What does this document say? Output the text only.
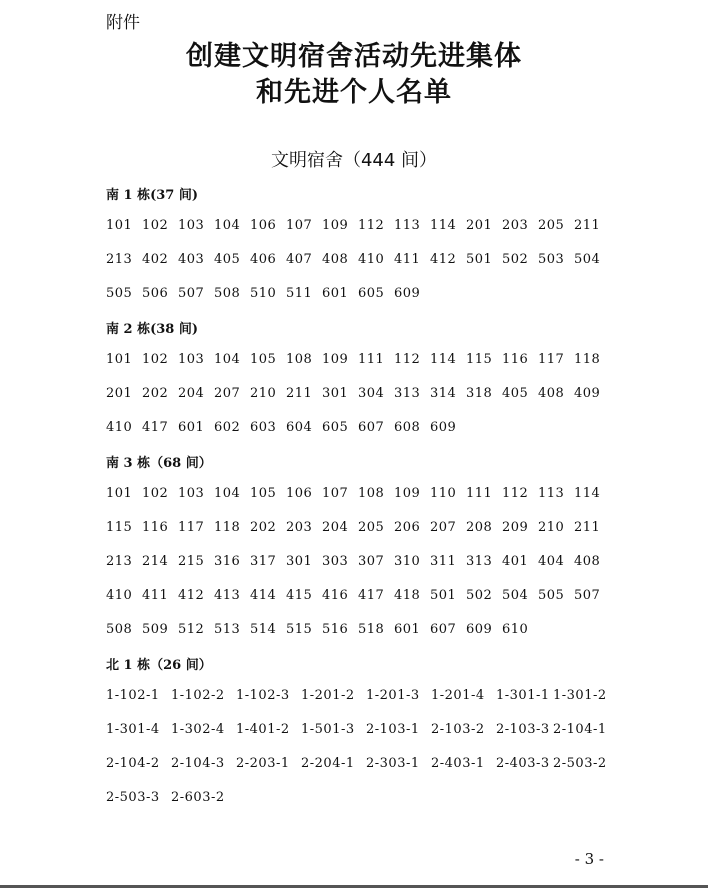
附件
创建文明宿舍活动先进集体
和先进个人名单
文明宿舍（444 间）
南 1 栋(37 间)
101 102 103 104 106 107 109 112 113 114 201 203 205 211
213 402 403 405 406 407 408 410 411 412 501 502 503 504
505 506 507 508 510 511 601 605 609
南 2 栋(38 间)
101 102 103 104 105 108 109 111 112 114 115 116 117 118
201 202 204 207 210 211 301 304 313 314 318 405 408 409
410 417 601 602 603 604 605 607 608 609
南 3 栋（68 间）
101 102 103 104 105 106 107 108 109 110 111 112 113 114
115 116 117 118 202 203 204 205 206 207 208 209 210 211
213 214 215 316 317 301 303 307 310 311 313 401 404 408
410 411 412 413 414 415 416 417 418 501 502 504 505 507
508 509 512 513 514 515 516 518 601 607 609 610
北 1 栋（26 间）
1-102-1 1-102-2 1-102-3 1-201-2 1-201-3 1-201-4 1-301-1 1-301-2
1-301-4 1-302-4 1-401-2 1-501-3 2-103-1 2-103-2 2-103-3 2-104-1
2-104-2 2-104-3 2-203-1 2-204-1 2-303-1 2-403-1 2-403-3 2-503-2
2-503-3 2-603-2
- 3 -
